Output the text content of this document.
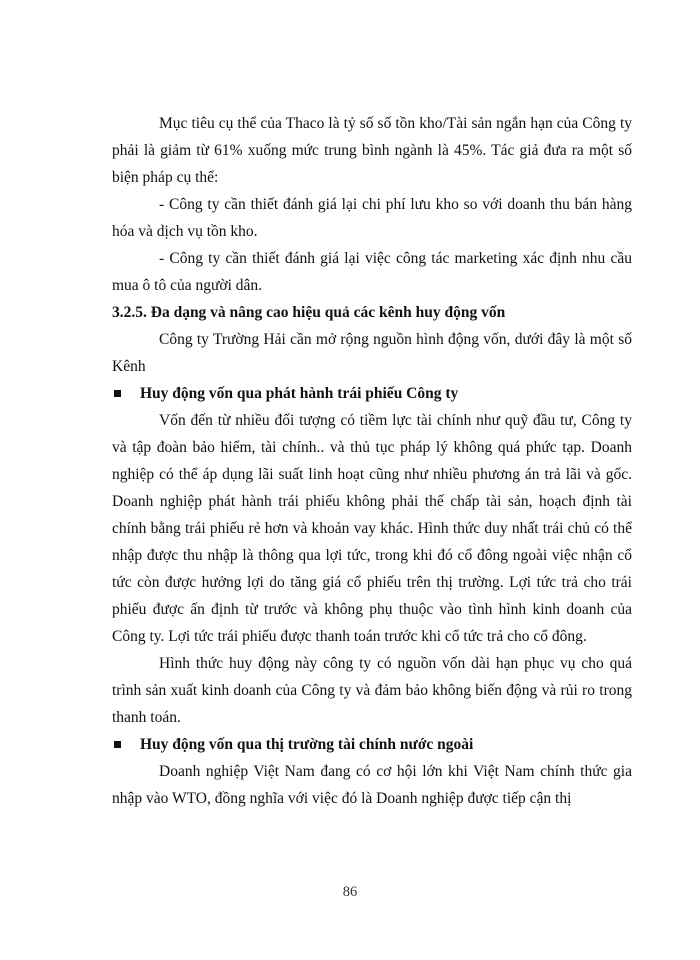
Mục tiêu cụ thể của Thaco là tỷ số số tồn kho/Tài sản ngắn hạn của Công ty phải là giảm từ 61% xuống mức trung bình ngành là 45%. Tác giả đưa ra một số biện pháp cụ thể:

- Công ty cần thiết đánh giá lại chi phí lưu kho so với doanh thu bán hàng hóa và dịch vụ tồn kho.

- Công ty cần thiết đánh giá lại việc công tác marketing xác định nhu cầu mua ô tô của người dân.

3.2.5. Đa dạng và nâng cao hiệu quả các kênh huy động vốn

Công ty Trường Hải cần mở rộng nguồn hình động vốn, dưới đây là một số Kênh

Huy động vốn qua phát hành trái phiếu Công ty

Vốn đến từ nhiều đối tượng có tiềm lực tài chính như quỹ đầu tư, Công ty và tập đoàn bảo hiểm, tài chính.. và thủ tục pháp lý không quá phức tạp. Doanh nghiệp có thể áp dụng lãi suất linh hoạt cũng như nhiều phương án trả lãi và gốc. Doanh nghiệp phát hành trái phiếu không phải thế chấp tài sản, hoạch định tài chính bằng trái phiếu rẻ hơn và khoản vay khác. Hình thức duy nhất trái chủ có thể nhập được thu nhập là thông qua lợi tức, trong khi đó cổ đông ngoài việc nhận cổ tức còn được hưởng lợi do tăng giá cổ phiếu trên thị trường. Lợi tức trả cho trái phiếu được ấn định từ trước và không phụ thuộc vào tình hình kinh doanh của Công ty. Lợi tức trái phiếu được thanh toán trước khi cổ tức trả cho cổ đông.

Hình thức huy động này công ty có nguồn vốn dài hạn phục vụ cho quá trình sản xuất kinh doanh của Công ty và đảm bảo không biến động và rủi ro trong thanh toán.

Huy động vốn qua thị trường tài chính nước ngoài

Doanh nghiệp Việt Nam đang có cơ hội lớn khi Việt Nam chính thức gia nhập vào WTO, đồng nghĩa với việc đó là Doanh nghiệp được tiếp cận thị

86
